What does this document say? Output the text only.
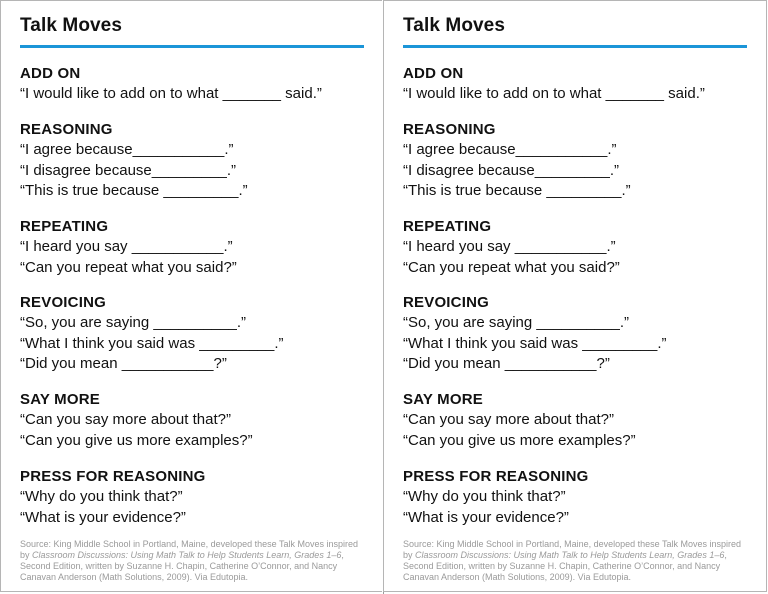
Talk Moves
ADD ON
“I would like to add on to what _______ said.”
REASONING
“I agree because___________.”
“I disagree because_________.”
“This is true because _________.”
REPEATING
“I heard you say ___________.”
“Can you repeat what you said?”
REVOICING
“So, you are saying __________.”
“What I think you said was _________.”
“Did you mean ___________?”
SAY MORE
“Can you say more about that?”
“Can you give us more examples?”
PRESS FOR REASONING
“Why do you think that?”
“What is your evidence?”
Source: King Middle School in Portland, Maine, developed these Talk Moves inspired by Classroom Discussions: Using Math Talk to Help Students Learn, Grades 1–6, Second Edition, written by Suzanne H. Chapin, Catherine O’Connor, and Nancy Canavan Anderson (Math Solutions, 2009). Via Edutopia.
Talk Moves
ADD ON
“I would like to add on to what _______ said.”
REASONING
“I agree because___________.”
“I disagree because_________.”
“This is true because _________.”
REPEATING
“I heard you say ___________.”
“Can you repeat what you said?”
REVOICING
“So, you are saying __________.”
“What I think you said was _________.”
“Did you mean ___________?”
SAY MORE
“Can you say more about that?”
“Can you give us more examples?”
PRESS FOR REASONING
“Why do you think that?”
“What is your evidence?”
Source: King Middle School in Portland, Maine, developed these Talk Moves inspired by Classroom Discussions: Using Math Talk to Help Students Learn, Grades 1–6, Second Edition, written by Suzanne H. Chapin, Catherine O’Connor, and Nancy Canavan Anderson (Math Solutions, 2009). Via Edutopia.
